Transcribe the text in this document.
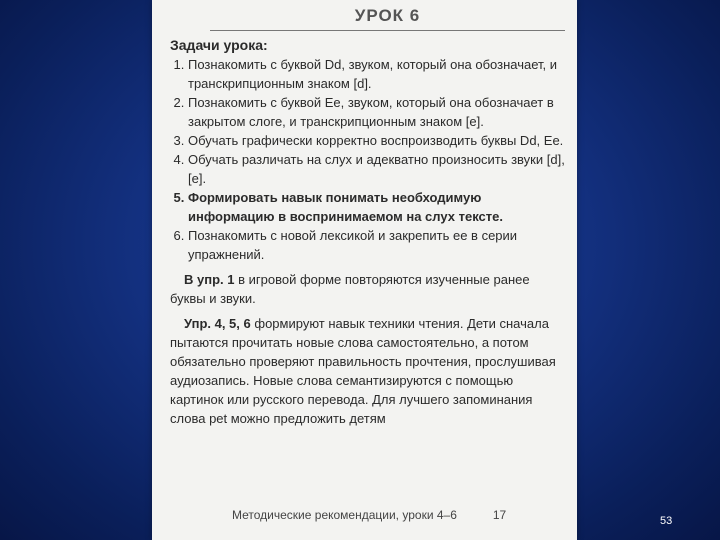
УРОК 6
Задачи урока:
1. Познакомить с буквой Dd, звуком, который она обозначает, и транскрипционным знаком [d].
2. Познакомить с буквой Ee, звуком, который она обозначает в закрытом слоге, и транскрипционным знаком [e].
3. Обучать графически корректно воспроизводить буквы Dd, Ee.
4. Обучать различать на слух и адекватно произносить звуки [d], [e].
5. Формировать навык понимать необходимую информацию в воспринимаемом на слух тексте.
6. Познакомить с новой лексикой и закрепить ее в серии упражнений.
В упр. 1 в игровой форме повторяются изученные ранее буквы и звуки.
Упр. 4, 5, 6 формируют навык техники чтения. Дети сначала пытаются прочитать новые слова самостоятельно, а потом обязательно проверяют правильность прочтения, прослушивая аудиозапись. Новые слова семантизируются с помощью картинок или русского перевода. Для лучшего запоминания слова pet можно предложить детям
Методические рекомендации, уроки 4–6	17	53
